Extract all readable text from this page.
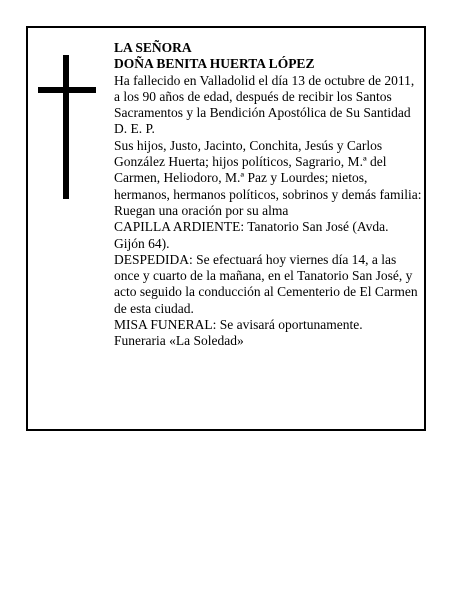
LA SEÑORA

DOÑA BENITA HUERTA LÓPEZ

Ha fallecido en Valladolid el día 13 de octubre de 2011, a los 90 años de edad, después de recibir los Santos Sacramentos y la Bendición Apostólica de Su Santidad D. E. P.

Sus hijos, Justo, Jacinto, Conchita, Jesús y Carlos González Huerta; hijos políticos, Sagrario, M.ª del Carmen, Heliodoro, M.ª Paz y Lourdes; nietos, hermanos, hermanos políticos, sobrinos y demás familia:

Ruegan una oración por su alma

CAPILLA ARDIENTE: Tanatorio San José (Avda. Gijón 64).

DESPEDIDA: Se efectuará hoy viernes día 14, a las once y cuarto de la mañana, en el Tanatorio San José, y acto seguido la conducción al Cementerio de El Carmen de esta ciudad.

MISA FUNERAL: Se avisará oportunamente.

Funeraria «La Soledad»
